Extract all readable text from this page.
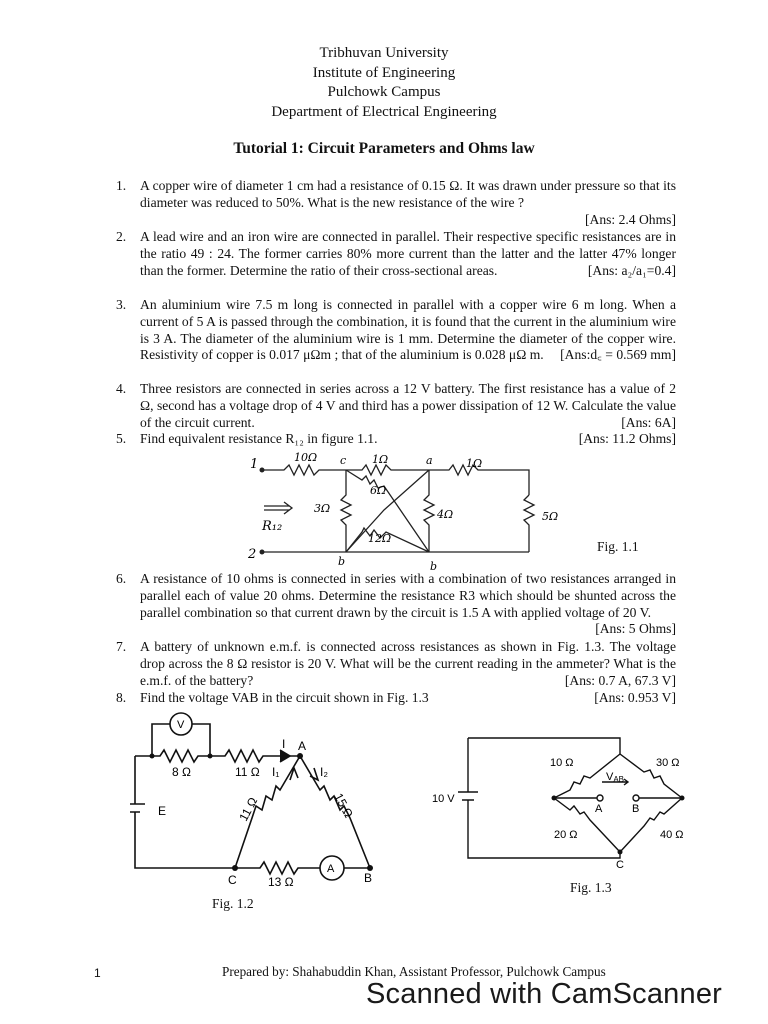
Tribhuvan University
Institute of Engineering
Pulchowk Campus
Department of Electrical Engineering
Tutorial 1: Circuit Parameters and Ohms law
1.	A copper wire of diameter 1 cm had a resistance of 0.15 Ω. It was drawn under pressure so that its diameter was reduced to 50%. What is the new resistance of the wire ?
[Ans: 2.4 Ohms]

2.	A lead wire and an iron wire are connected in parallel. Their respective specific resistances are in the ratio 49 : 24. The former carries 80% more current than the latter and the latter 47% longer than the former. Determine the ratio of their cross-sectional areas.	[Ans: a₂/a₁=0.4]
3.	An aluminium wire 7.5 m long is connected in parallel with a copper wire 6 m long. When a current of 5 A is passed through the combination, it is found that the current in the aluminium wire is 3 A. The diameter of the aluminium wire is 1 mm. Determine the diameter of the copper wire. Resistivity of copper is 0.017 μΩm ; that of the aluminium is 0.028 μΩ m. [Ans:d꜀ = 0.569 mm]
4.	Three resistors are connected in series across a 12 V battery. The first resistance has a value of 2 Ω, second has a voltage drop of 4 V and third has a power dissipation of 12 W. Calculate the value of the circuit current.	[Ans: 6A]
5.	Find equivalent resistance R₁₂ in figure 1.1.	[Ans: 11.2 Ohms]
1
2
10Ω	1Ω	1Ω
6Ω
3Ω	4Ω
12Ω
5Ω
c	a
b	b
R₁₂
Fig. 1.1
6.	A resistance of 10 ohms is connected in series with a combination of two resistances arranged in parallel each of value 20 ohms. Determine the resistance R3 which should be shunted across the parallel combination so that current drawn by the circuit is 1.5 A with applied voltage of 20 V.
[Ans: 5 Ohms]
7.	A battery of unknown e.m.f. is connected across resistances as shown in Fig. 1.3. The voltage drop across the 8 Ω resistor is 20 V. What will be the current reading in the ammeter? What is the e.m.f. of the battery?	[Ans: 0.7 A, 67.3 V]
8.	Find the voltage VAB in the circuit shown in Fig. 1.3	[Ans: 0.953 V]
V
8 Ω	11 Ω
I A
I₁	I₂
11 Ω	15 Ω
E
C	13 Ω
A
B
Fig. 1.2
10 Ω	30 Ω
VAB
10 V
A	B
20 Ω	40 Ω
C
Fig. 1.3
1	Prepared by: Shahabuddin Khan, Assistant Professor, Pulchowk Campus
Scanned with CamScanner
